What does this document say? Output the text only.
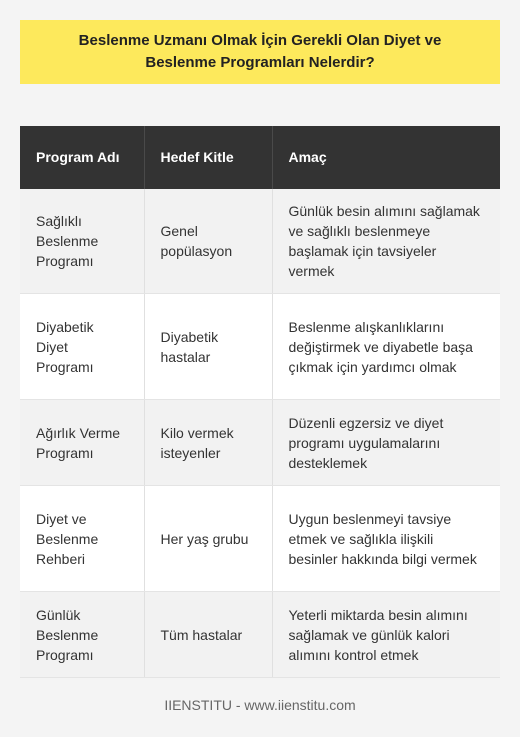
Beslenme Uzmanı Olmak İçin Gerekli Olan Diyet ve Beslenme Programları Nelerdir?
Program Adı	Hedef Kitle	Amaç
Sağlıklı Beslenme Programı	Genel popülasyon	Günlük besin alımını sağlamak ve sağlıklı beslenmeye başlamak için tavsiyeler vermek
Diyabetik Diyet Programı	Diyabetik hastalar	Beslenme alışkanlıklarını değiştirmek ve diyabetle başa çıkmak için yardımcı olmak
Ağırlık Verme Programı	Kilo vermek isteyenler	Düzenli egzersiz ve diyet programı uygulamalarını desteklemek
Diyet ve Beslenme Rehberi	Her yaş grubu	Uygun beslenmeyi tavsiye etmek ve sağlıkla ilişkili besinler hakkında bilgi vermek
Günlük Beslenme Programı	Tüm hastalar	Yeterli miktarda besin alımını sağlamak ve günlük kalori alımını kontrol etmek
IIENSTITU - www.iienstitu.com
